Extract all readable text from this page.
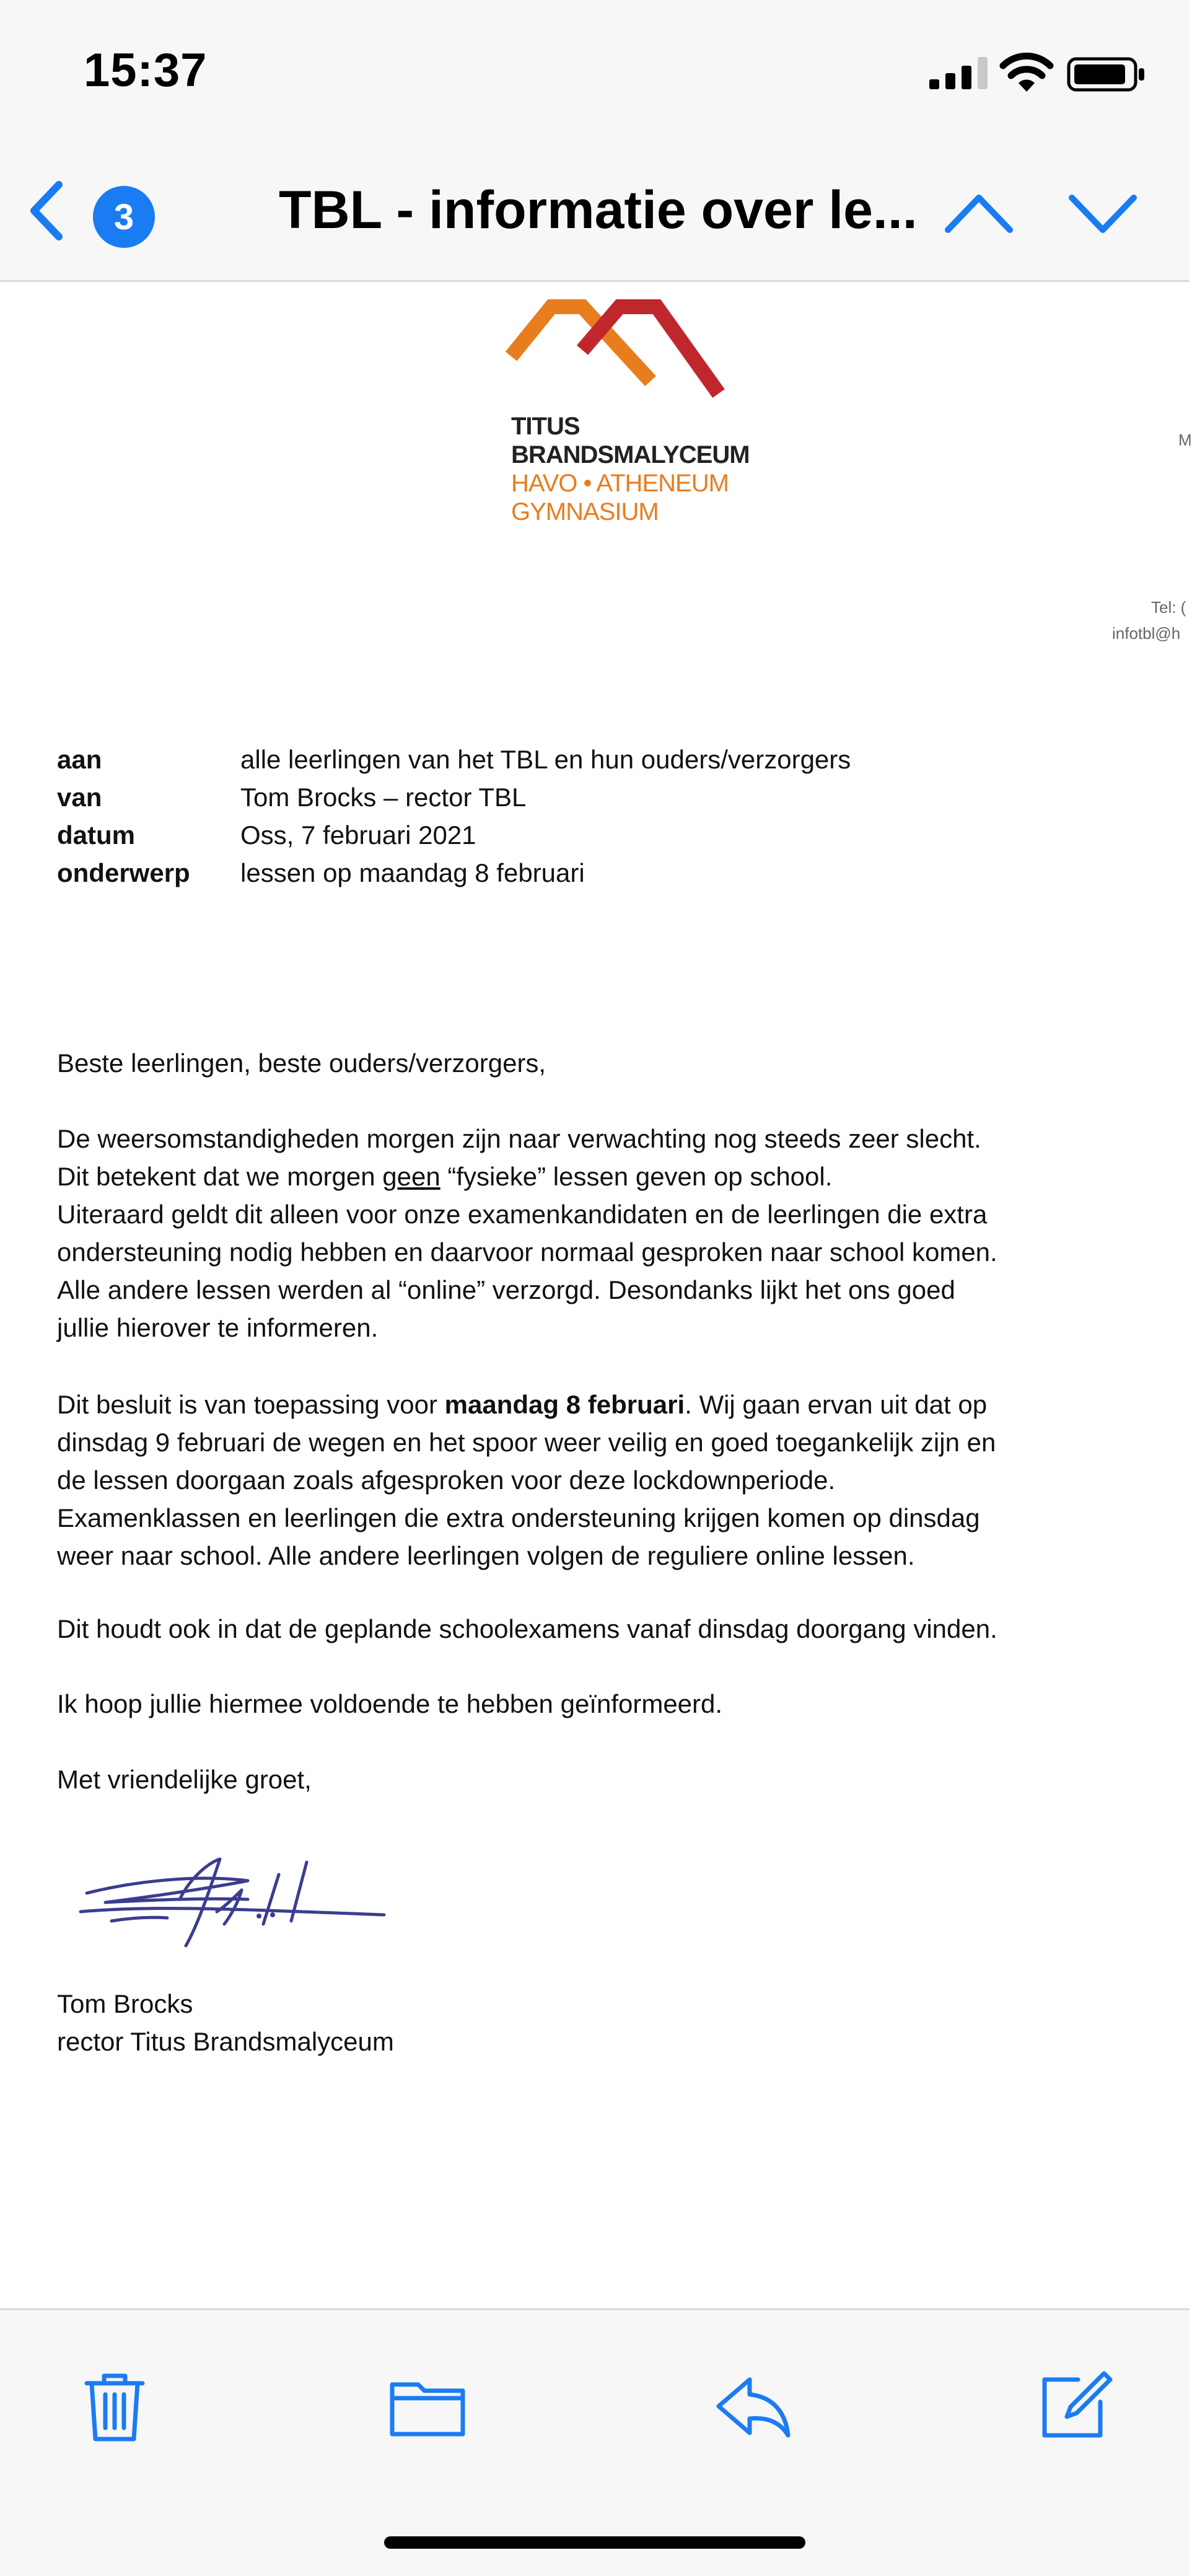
15:37
3	TBL - informatie over le...
TITUS
BRANDSMALYCEUM
HAVO • ATHENEUM
GYMNASIUM
M
Tel: (
infotbl@h
aan	alle leerlingen van het TBL en hun ouders/verzorgers
van	Tom Brocks – rector TBL
datum	Oss, 7 februari 2021
onderwerp	lessen op maandag 8 februari
Beste leerlingen, beste ouders/verzorgers,
De weersomstandigheden morgen zijn naar verwachting nog steeds zeer slecht.
Dit betekent dat we morgen geen “fysieke” lessen geven op school.
Uiteraard geldt dit alleen voor onze examenkandidaten en de leerlingen die extra
ondersteuning nodig hebben en daarvoor normaal gesproken naar school komen.
Alle andere lessen werden al “online” verzorgd. Desondanks lijkt het ons goed
jullie hierover te informeren.
Dit besluit is van toepassing voor maandag 8 februari. Wij gaan ervan uit dat op
dinsdag 9 februari de wegen en het spoor weer veilig en goed toegankelijk zijn en
de lessen doorgaan zoals afgesproken voor deze lockdownperiode.
Examenklassen en leerlingen die extra ondersteuning krijgen komen op dinsdag
weer naar school. Alle andere leerlingen volgen de reguliere online lessen.
Dit houdt ook in dat de geplande schoolexamens vanaf dinsdag doorgang vinden.
Ik hoop jullie hiermee voldoende te hebben geïnformeerd.
Met vriendelijke groet,
Tom Brocks
rector Titus Brandsmalyceum
